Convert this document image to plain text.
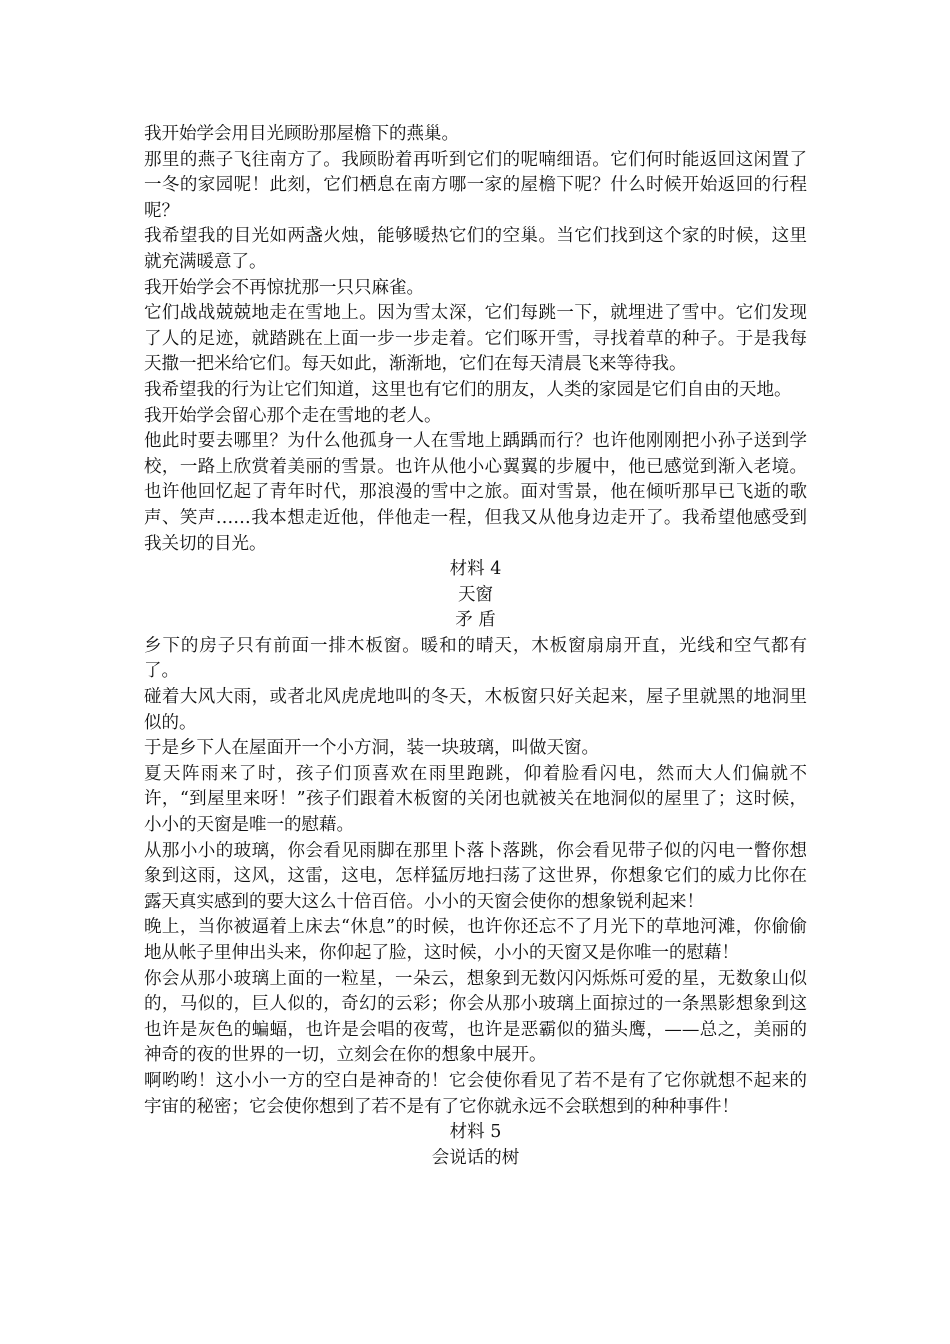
我开始学会用目光顾盼那屋檐下的燕巢。

那里的燕子飞往南方了。我顾盼着再听到它们的呢喃细语。它们何时能返回这闲置了一冬的家园呢！此刻，它们栖息在南方哪一家的屋檐下呢？什么时候开始返回的行程呢？

我希望我的目光如两盏火烛，能够暖热它们的空巢。当它们找到这个家的时候，这里就充满暖意了。

我开始学会不再惊扰那一只只麻雀。

它们战战兢兢地走在雪地上。因为雪太深，它们每跳一下，就埋进了雪中。它们发现了人的足迹，就踏跳在上面一步一步走着。它们啄开雪，寻找着草的种子。于是我每天撒一把米给它们。每天如此，渐渐地，它们在每天清晨飞来等待我。

我希望我的行为让它们知道，这里也有它们的朋友，人类的家园是它们自由的天地。

我开始学会留心那个走在雪地的老人。

他此时要去哪里？为什么他孤身一人在雪地上踽踽而行？也许他刚刚把小孙子送到学校，一路上欣赏着美丽的雪景。也许从他小心翼翼的步履中，他已感觉到渐入老境。也许他回忆起了青年时代，那浪漫的雪中之旅。面对雪景，他在倾听那早已飞逝的歌声、笑声……我本想走近他，伴他走一程，但我又从他身边走开了。我希望他感受到我关切的目光。

材料 4

天窗

矛 盾

乡下的房子只有前面一排木板窗。暖和的晴天，木板窗扇扇开直，光线和空气都有了。

碰着大风大雨，或者北风虎虎地叫的冬天，木板窗只好关起来，屋子里就黑的地洞里似的。

于是乡下人在屋面开一个小方洞，装一块玻璃，叫做天窗。

夏天阵雨来了时，孩子们顶喜欢在雨里跑跳，仰着脸看闪电，然而大人们偏就不许，“到屋里来呀！”孩子们跟着木板窗的关闭也就被关在地洞似的屋里了；这时候，小小的天窗是唯一的慰藉。

从那小小的玻璃，你会看见雨脚在那里卜落卜落跳，你会看见带子似的闪电一瞥你想象到这雨，这风，这雷，这电，怎样猛厉地扫荡了这世界，你想象它们的威力比你在露天真实感到的要大这么十倍百倍。小小的天窗会使你的想象锐利起来！

晚上，当你被逼着上床去“休息”的时候，也许你还忘不了月光下的草地河滩，你偷偷地从帐子里伸出头来，你仰起了脸，这时候，小小的天窗又是你唯一的慰藉！

你会从那小玻璃上面的一粒星，一朵云，想象到无数闪闪烁烁可爱的星，无数象山似的，马似的，巨人似的，奇幻的云彩；你会从那小玻璃上面掠过的一条黑影想象到这也许是灰色的蝙蝠，也许是会唱的夜莺，也许是恶霸似的猫头鹰，——总之，美丽的神奇的夜的世界的一切，立刻会在你的想象中展开。

啊哟哟！这小小一方的空白是神奇的！它会使你看见了若不是有了它你就想不起来的宇宙的秘密；它会使你想到了若不是有了它你就永远不会联想到的种种事件！

材料 5

会说话的树
